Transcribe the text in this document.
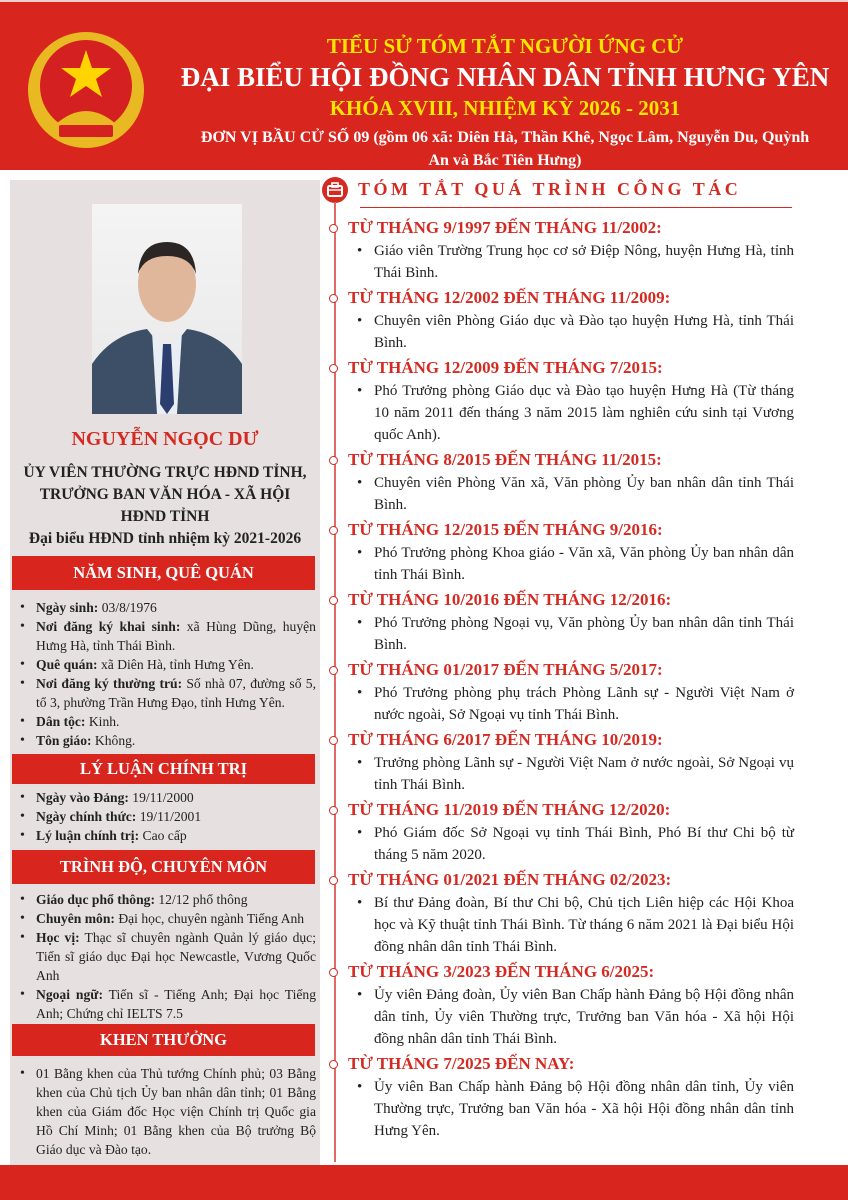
TIỂU SỬ TÓM TẮT NGƯỜI ỨNG CỬ
ĐẠI BIỂU HỘI ĐỒNG NHÂN DÂN TỈNH HƯNG YÊN
KHÓA XVIII, NHIỆM KỲ 2026 - 2031
ĐƠN VỊ BẦU CỬ SỐ 09 (gồm 06 xã: Diên Hà, Thần Khê, Ngọc Lâm, Nguyễn Du, Quỳnh An và Bắc Tiên Hưng)
NGUYỄN NGỌC DƯ
ỦY VIÊN THƯỜNG TRỰC HĐND TỈNH,
TRƯỞNG BAN VĂN HÓA - XÃ HỘI
HĐND TỈNH
Đại biểu HĐND tỉnh nhiệm kỳ 2021-2026
NĂM SINH, QUÊ QUÁN
• Ngày sinh: 03/8/1976
• Nơi đăng ký khai sinh: xã Hùng Dũng, huyện Hưng Hà, tỉnh Thái Bình.
• Quê quán: xã Diên Hà, tỉnh Hưng Yên.
• Nơi đăng ký thường trú: Số nhà 07, đường số 5, tổ 3, phường Trần Hưng Đạo, tỉnh Hưng Yên.
• Dân tộc: Kinh.
• Tôn giáo: Không.
LÝ LUẬN CHÍNH TRỊ
• Ngày vào Đảng: 19/11/2000
• Ngày chính thức: 19/11/2001
• Lý luận chính trị: Cao cấp
TRÌNH ĐỘ, CHUYÊN MÔN
• Giáo dục phổ thông: 12/12 phổ thông
• Chuyên môn: Đại học, chuyên ngành Tiếng Anh
• Học vị: Thạc sĩ chuyên ngành Quản lý giáo dục; Tiến sĩ giáo dục Đại học Newcastle, Vương Quốc Anh
• Ngoại ngữ: Tiến sĩ - Tiếng Anh; Đại học Tiếng Anh; Chứng chỉ IELTS 7.5
KHEN THƯỞNG
• 01 Bằng khen của Thủ tướng Chính phủ; 03 Bằng khen của Chủ tịch Ủy ban nhân dân tỉnh; 01 Bằng khen của Giám đốc Học viện Chính trị Quốc gia Hồ Chí Minh; 01 Bằng khen của Bộ trưởng Bộ Giáo dục và Đào tạo.
TÓM TẮT QUÁ TRÌNH CÔNG TÁC
TỪ THÁNG 9/1997 ĐẾN THÁNG 11/2002:

• Giáo viên Trường Trung học cơ sở Điệp Nông, huyện Hưng Hà, tỉnh Thái Bình.

TỪ THÁNG 12/2002 ĐẾN THÁNG 11/2009:

• Chuyên viên Phòng Giáo dục và Đào tạo huyện Hưng Hà, tỉnh Thái Bình.

TỪ THÁNG 12/2009 ĐẾN THÁNG 7/2015:

• Phó Trưởng phòng Giáo dục và Đào tạo huyện Hưng Hà (Từ tháng 10 năm 2011 đến tháng 3 năm 2015 làm nghiên cứu sinh tại Vương quốc Anh).

TỪ THÁNG 8/2015 ĐẾN THÁNG 11/2015:

• Chuyên viên Phòng Văn xã, Văn phòng Ủy ban nhân dân tỉnh Thái Bình.

TỪ THÁNG 12/2015 ĐẾN THÁNG 9/2016:

• Phó Trưởng phòng Khoa giáo - Văn xã, Văn phòng Ủy ban nhân dân tỉnh Thái Bình.

TỪ THÁNG 10/2016 ĐẾN THÁNG 12/2016:

• Phó Trưởng phòng Ngoại vụ, Văn phòng Ủy ban nhân dân tỉnh Thái Bình.

TỪ THÁNG 01/2017 ĐẾN THÁNG 5/2017:

• Phó Trưởng phòng phụ trách Phòng Lãnh sự - Người Việt Nam ở nước ngoài, Sở Ngoại vụ tỉnh Thái Bình.

TỪ THÁNG 6/2017 ĐẾN THÁNG 10/2019:

• Trưởng phòng Lãnh sự - Người Việt Nam ở nước ngoài, Sở Ngoại vụ tỉnh Thái Bình.

TỪ THÁNG 11/2019 ĐẾN THÁNG 12/2020:

• Phó Giám đốc Sở Ngoại vụ tỉnh Thái Bình, Phó Bí thư Chi bộ từ tháng 5 năm 2020.

TỪ THÁNG 01/2021 ĐẾN THÁNG 02/2023:

• Bí thư Đảng đoàn, Bí thư Chi bộ, Chủ tịch Liên hiệp các Hội Khoa học và Kỹ thuật tỉnh Thái Bình. Từ tháng 6 năm 2021 là Đại biểu Hội đồng nhân dân tỉnh Thái Bình.

TỪ THÁNG 3/2023 ĐẾN THÁNG 6/2025:

• Ủy viên Đảng đoàn, Ủy viên Ban Chấp hành Đảng bộ Hội đồng nhân dân tỉnh, Ủy viên Thường trực, Trưởng ban Văn hóa - Xã hội Hội đồng nhân dân tỉnh Thái Bình.

TỪ THÁNG 7/2025 ĐẾN NAY:

• Ủy viên Ban Chấp hành Đảng bộ Hội đồng nhân dân tỉnh, Ủy viên Thường trực, Trưởng ban Văn hóa - Xã hội Hội đồng nhân dân tỉnh Hưng Yên.
